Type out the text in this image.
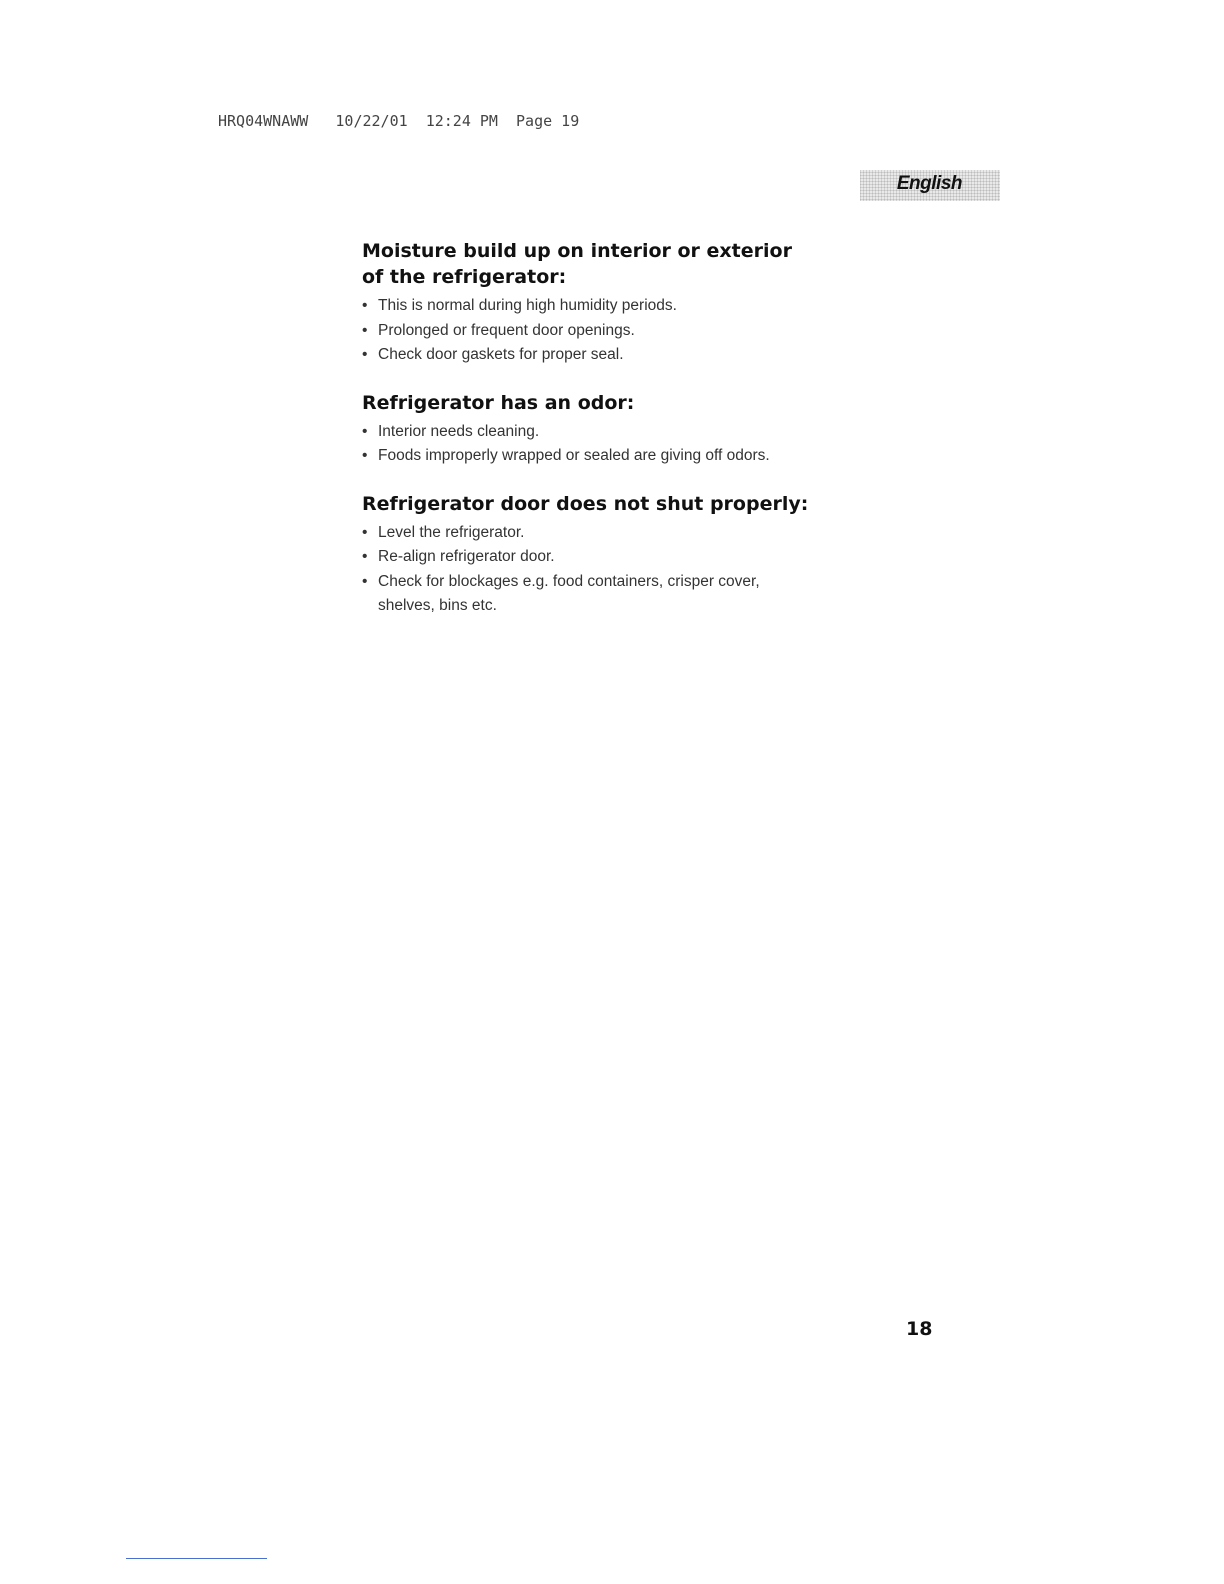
HRQ04WNAWW 10/22/01 12:24 PM Page 19
English
Moisture build up on interior or exterior of the refrigerator:
• This is normal during high humidity periods.
• Prolonged or frequent door openings.
• Check door gaskets for proper seal.
Refrigerator has an odor:
• Interior needs cleaning.
• Foods improperly wrapped or sealed are giving off odors.
Refrigerator door does not shut properly:
• Level the refrigerator.
• Re-align refrigerator door.
• Check for blockages e.g. food containers, crisper cover, shelves, bins etc.
18
